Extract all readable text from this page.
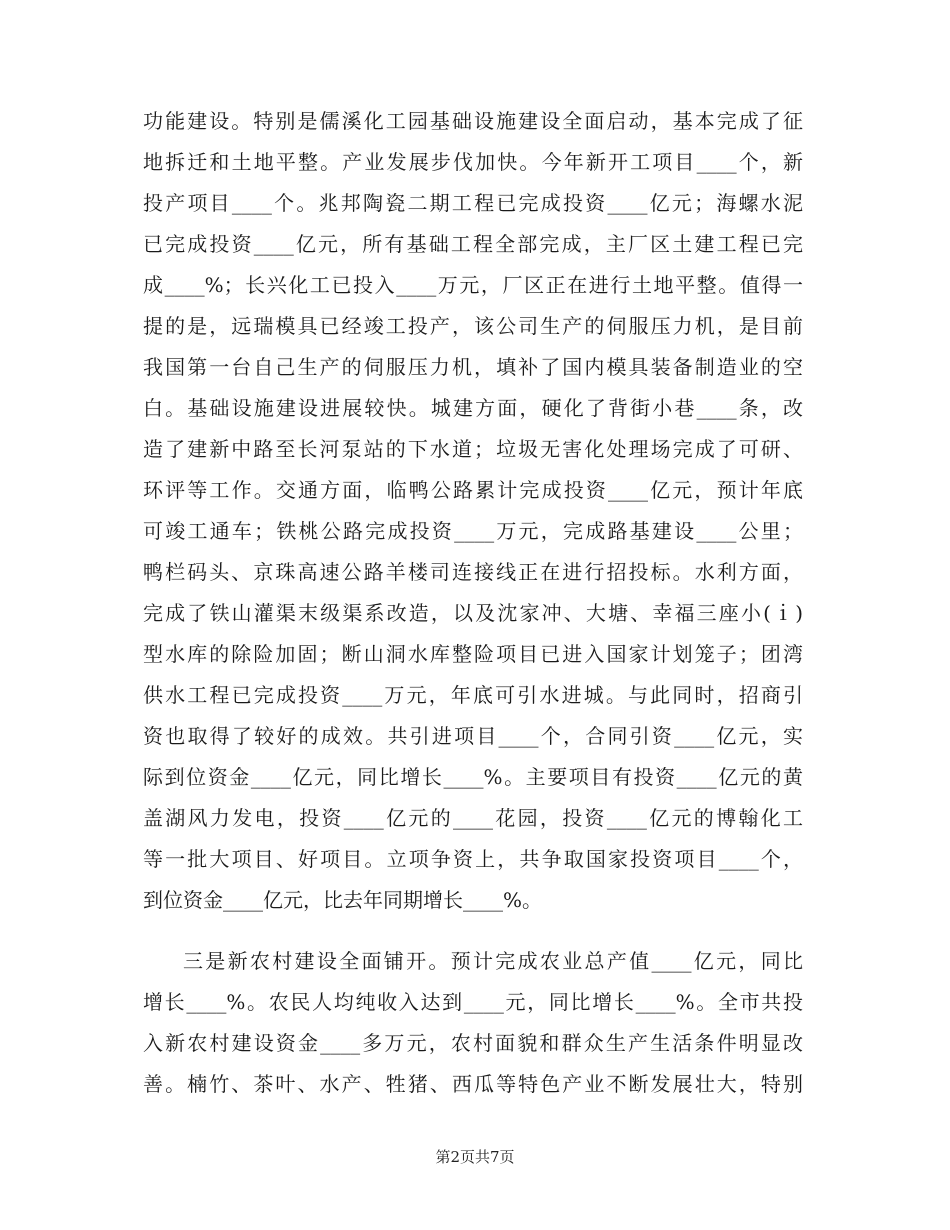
功能建设。特别是儒溪化工园基础设施建设全面启动，基本完成了征
地拆迁和土地平整。产业发展步伐加快。今年新开工项目____个，新
投产项目____个。兆邦陶瓷二期工程已完成投资____亿元；海螺水泥
已完成投资____亿元，所有基础工程全部完成，主厂区土建工程已完
成____%；长兴化工已投入____万元，厂区正在进行土地平整。值得一
提的是，远瑞模具已经竣工投产，该公司生产的伺服压力机，是目前
我国第一台自己生产的伺服压力机，填补了国内模具装备制造业的空
白。基础设施建设进展较快。城建方面，硬化了背街小巷____条，改
造了建新中路至长河泵站的下水道；垃圾无害化处理场完成了可研、
环评等工作。交通方面，临鸭公路累计完成投资____亿元，预计年底
可竣工通车；铁桃公路完成投资____万元，完成路基建设____公里；
鸭栏码头、京珠高速公路羊楼司连接线正在进行招投标。水利方面，
完成了铁山灌渠末级渠系改造，以及沈家冲、大塘、幸福三座小(ｉ)
型水库的除险加固；断山洞水库整险项目已进入国家计划笼子；团湾
供水工程已完成投资____万元，年底可引水进城。与此同时，招商引
资也取得了较好的成效。共引进项目____个，合同引资____亿元，实
际到位资金____亿元，同比增长____%。主要项目有投资____亿元的黄
盖湖风力发电，投资____亿元的____花园，投资____亿元的博翰化工
等一批大项目、好项目。立项争资上，共争取国家投资项目____个，
到位资金____亿元，比去年同期增长____%。
三是新农村建设全面铺开。预计完成农业总产值____亿元，同比
增长____%。农民人均纯收入达到____元，同比增长____%。全市共投
入新农村建设资金____多万元，农村面貌和群众生产生活条件明显改
善。楠竹、茶叶、水产、牲猪、西瓜等特色产业不断发展壮大，特别
第2页共7页
